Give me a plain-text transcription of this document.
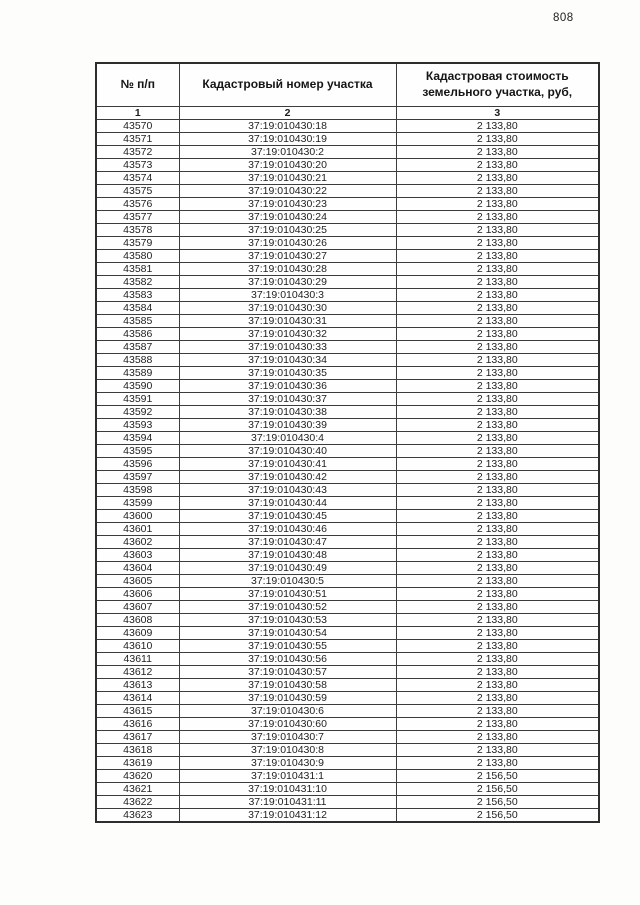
808
№ п/п	Кадастровый номер участка	Кадастровая стоимость
земельного участка, руб,

1	2	3
43570	37:19:010430:18	2 133,80
43571	37:19:010430:19	2 133,80
43572	37:19:010430:2	2 133,80
43573	37:19:010430:20	2 133,80
43574	37:19:010430:21	2 133,80
43575	37:19:010430:22	2 133,80
43576	37:19:010430:23	2 133,80
43577	37:19:010430:24	2 133,80
43578	37:19:010430:25	2 133,80
43579	37:19:010430:26	2 133,80
43580	37:19:010430:27	2 133,80
43581	37:19:010430:28	2 133,80
43582	37:19:010430:29	2 133,80
43583	37:19:010430:3	2 133,80
43584	37:19:010430:30	2 133,80
43585	37:19:010430:31	2 133,80
43586	37:19:010430:32	2 133,80
43587	37:19:010430:33	2 133,80
43588	37:19:010430:34	2 133,80
43589	37:19:010430:35	2 133,80
43590	37:19:010430:36	2 133,80
43591	37:19:010430:37	2 133,80
43592	37:19:010430:38	2 133,80
43593	37:19:010430:39	2 133,80
43594	37:19:010430:4	2 133,80
43595	37:19:010430:40	2 133,80
43596	37:19:010430:41	2 133,80
43597	37:19:010430:42	2 133,80
43598	37:19:010430:43	2 133,80
43599	37:19:010430:44	2 133,80
43600	37:19:010430:45	2 133,80
43601	37:19:010430:46	2 133,80
43602	37:19:010430:47	2 133,80
43603	37:19:010430:48	2 133,80
43604	37:19:010430:49	2 133,80
43605	37:19:010430:5	2 133,80
43606	37:19:010430:51	2 133,80
43607	37:19:010430:52	2 133,80
43608	37:19:010430:53	2 133,80
43609	37:19:010430:54	2 133,80
43610	37:19:010430:55	2 133,80
43611	37:19:010430:56	2 133,80
43612	37:19:010430:57	2 133,80
43613	37:19:010430:58	2 133,80
43614	37:19:010430:59	2 133,80
43615	37:19:010430:6	2 133,80
43616	37:19:010430:60	2 133,80
43617	37:19:010430:7	2 133,80
43618	37:19:010430:8	2 133,80
43619	37:19:010430:9	2 133,80
43620	37:19:010431:1	2 156,50
43621	37:19:010431:10	2 156,50
43622	37:19:010431:11	2 156,50
43623	37:19:010431:12	2 156,50
